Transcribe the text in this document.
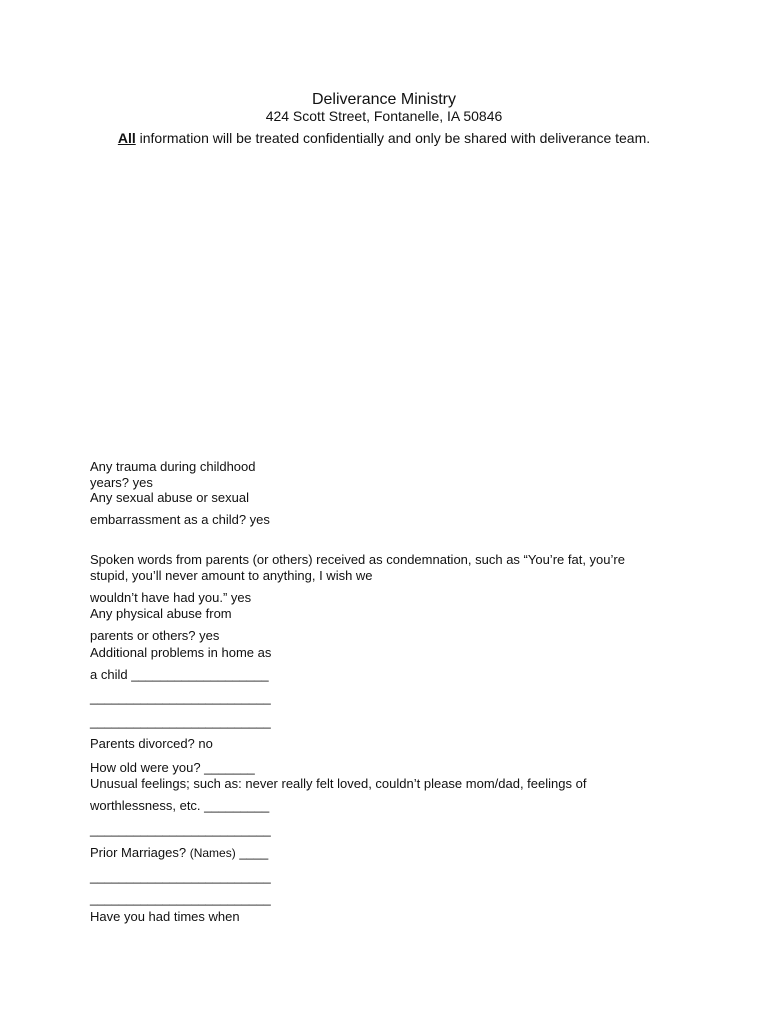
Deliverance Ministry
424 Scott Street, Fontanelle, IA 50846
All information will be treated confidentially and only be shared with deliverance team.
Any trauma during childhood
years? yes
Any sexual abuse or sexual
embarrassment as a child? yes
Spoken words from parents (or others) received as condemnation, such as “You’re fat, you’re
stupid, you’ll never amount to anything, I wish we
wouldn’t have had you.” yes
Any physical abuse from
parents or others? yes
Additional problems in home as
a child ___________________
_________________________
_________________________
Parents divorced? no
How old were you? _______
Unusual feelings; such as: never really felt loved, couldn’t please mom/dad, feelings of
worthlessness, etc. _________
_________________________
Prior Marriages? (Names) ____
_________________________
_________________________
Have you had times when
